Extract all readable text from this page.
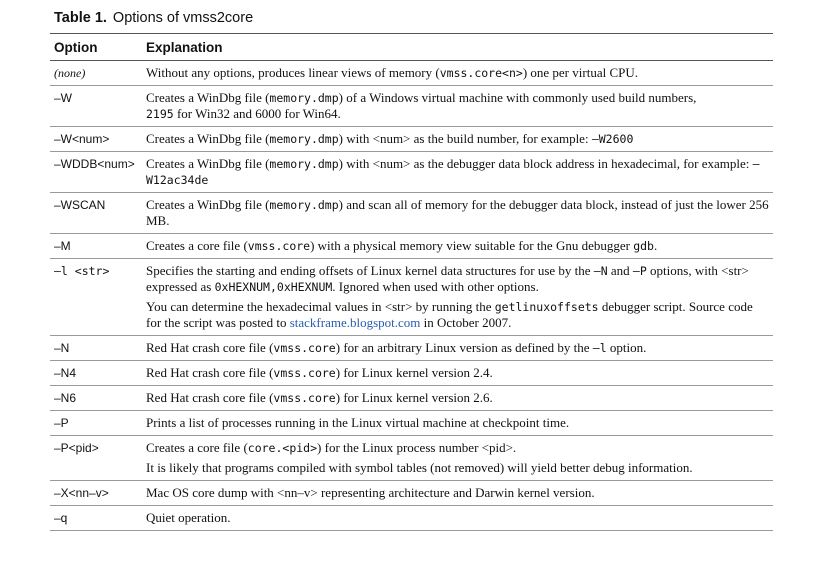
Table 1. Options of vmss2core
Option	Explanation
(none)	Without any options, produces linear views of memory (vmss.core<n>) one per virtual CPU.
–W	Creates a WinDbg file (memory.dmp) of a Windows virtual machine with commonly used build numbers,
2195 for Win32 and 6000 for Win64.
–W<num>	Creates a WinDbg file (memory.dmp) with <num> as the build number, for example: –W2600
–WDDB<num>	Creates a WinDbg file (memory.dmp) with <num> as the debugger data block address in hexadecimal, for example: –W12ac34de
–WSCAN	Creates a WinDbg file (memory.dmp) and scan all of memory for the debugger data block, instead of just the lower 256 MB.
–M	Creates a core file (vmss.core) with a physical memory view suitable for the Gnu debugger gdb.
–l <str>	Specifies the starting and ending offsets of Linux kernel data structures for use by the –N and –P options, with <str> expressed as 0xHEXNUM,0xHEXNUM. Ignored when used with other options.
You can determine the hexadecimal values in <str> by running the getlinuxoffsets debugger script. Source code for the script was posted to stackframe.blogspot.com in October 2007.

–N	Red Hat crash core file (vmss.core) for an arbitrary Linux version as defined by the –l option.
–N4	Red Hat crash core file (vmss.core) for Linux kernel version 2.4.
–N6	Red Hat crash core file (vmss.core) for Linux kernel version 2.6.
–P	Prints a list of processes running in the Linux virtual machine at checkpoint time.
–P<pid>	Creates a core file (core.<pid>) for the Linux process number <pid>.
It is likely that programs compiled with symbol tables (not removed) will yield better debug information.

–X<nn–v>	Mac OS core dump with <nn–v> representing architecture and Darwin kernel version.
–q	Quiet operation.
